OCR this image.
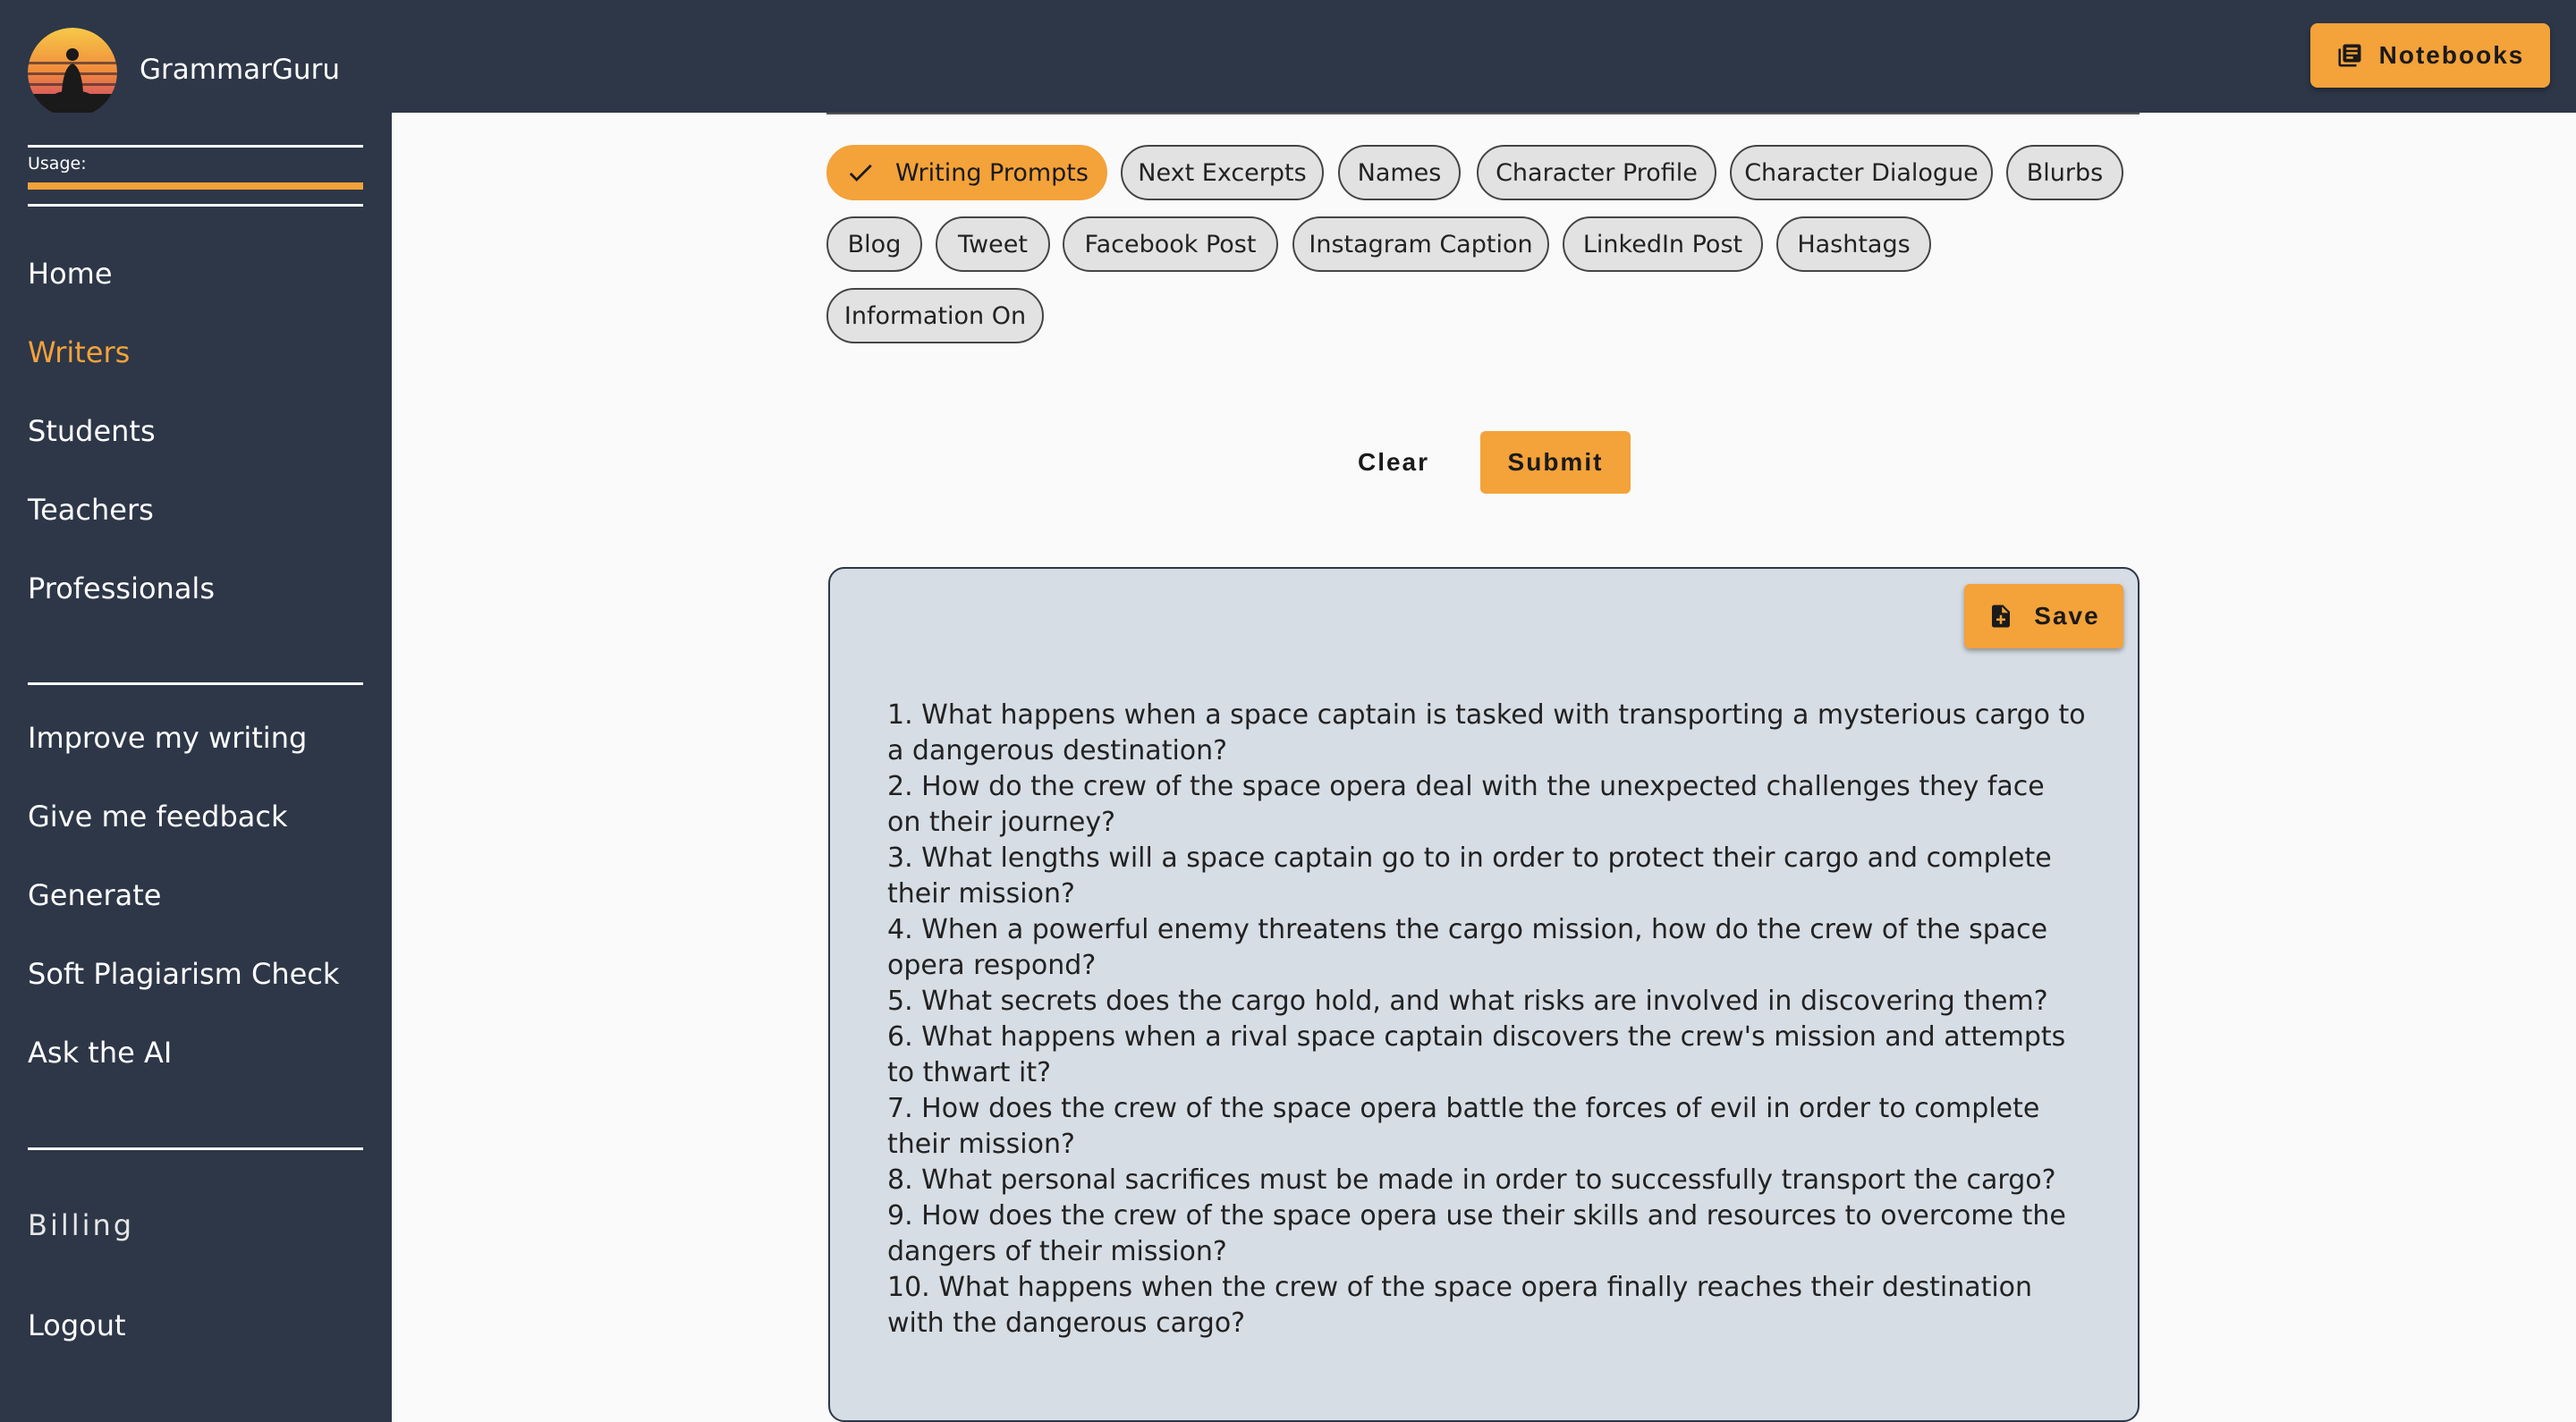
GrammarGuru	Notebooks
Usage:
Home
Writers
Students
Teachers
Professionals
Improve my writing
Give me feedback
Generate
Soft Plagiarism Check
Ask the AI
Billing
Logout
Writing Prompts	Next Excerpts	Names	Character Profile	Character Dialogue	Blurbs
Blog	Tweet	Facebook Post	Instagram Caption	LinkedIn Post	Hashtags
Information On
Clear	Submit
Save
1. What happens when a space captain is tasked with transporting a mysterious cargo to a dangerous destination?
2. How do the crew of the space opera deal with the unexpected challenges they face on their journey?
3. What lengths will a space captain go to in order to protect their cargo and complete their mission?
4. When a powerful enemy threatens the cargo mission, how do the crew of the space opera respond?
5. What secrets does the cargo hold, and what risks are involved in discovering them?
6. What happens when a rival space captain discovers the crew's mission and attempts to thwart it?
7. How does the crew of the space opera battle the forces of evil in order to complete their mission?
8. What personal sacrifices must be made in order to successfully transport the cargo?
9. How does the crew of the space opera use their skills and resources to overcome the dangers of their mission?
10. What happens when the crew of the space opera finally reaches their destination with the dangerous cargo?
